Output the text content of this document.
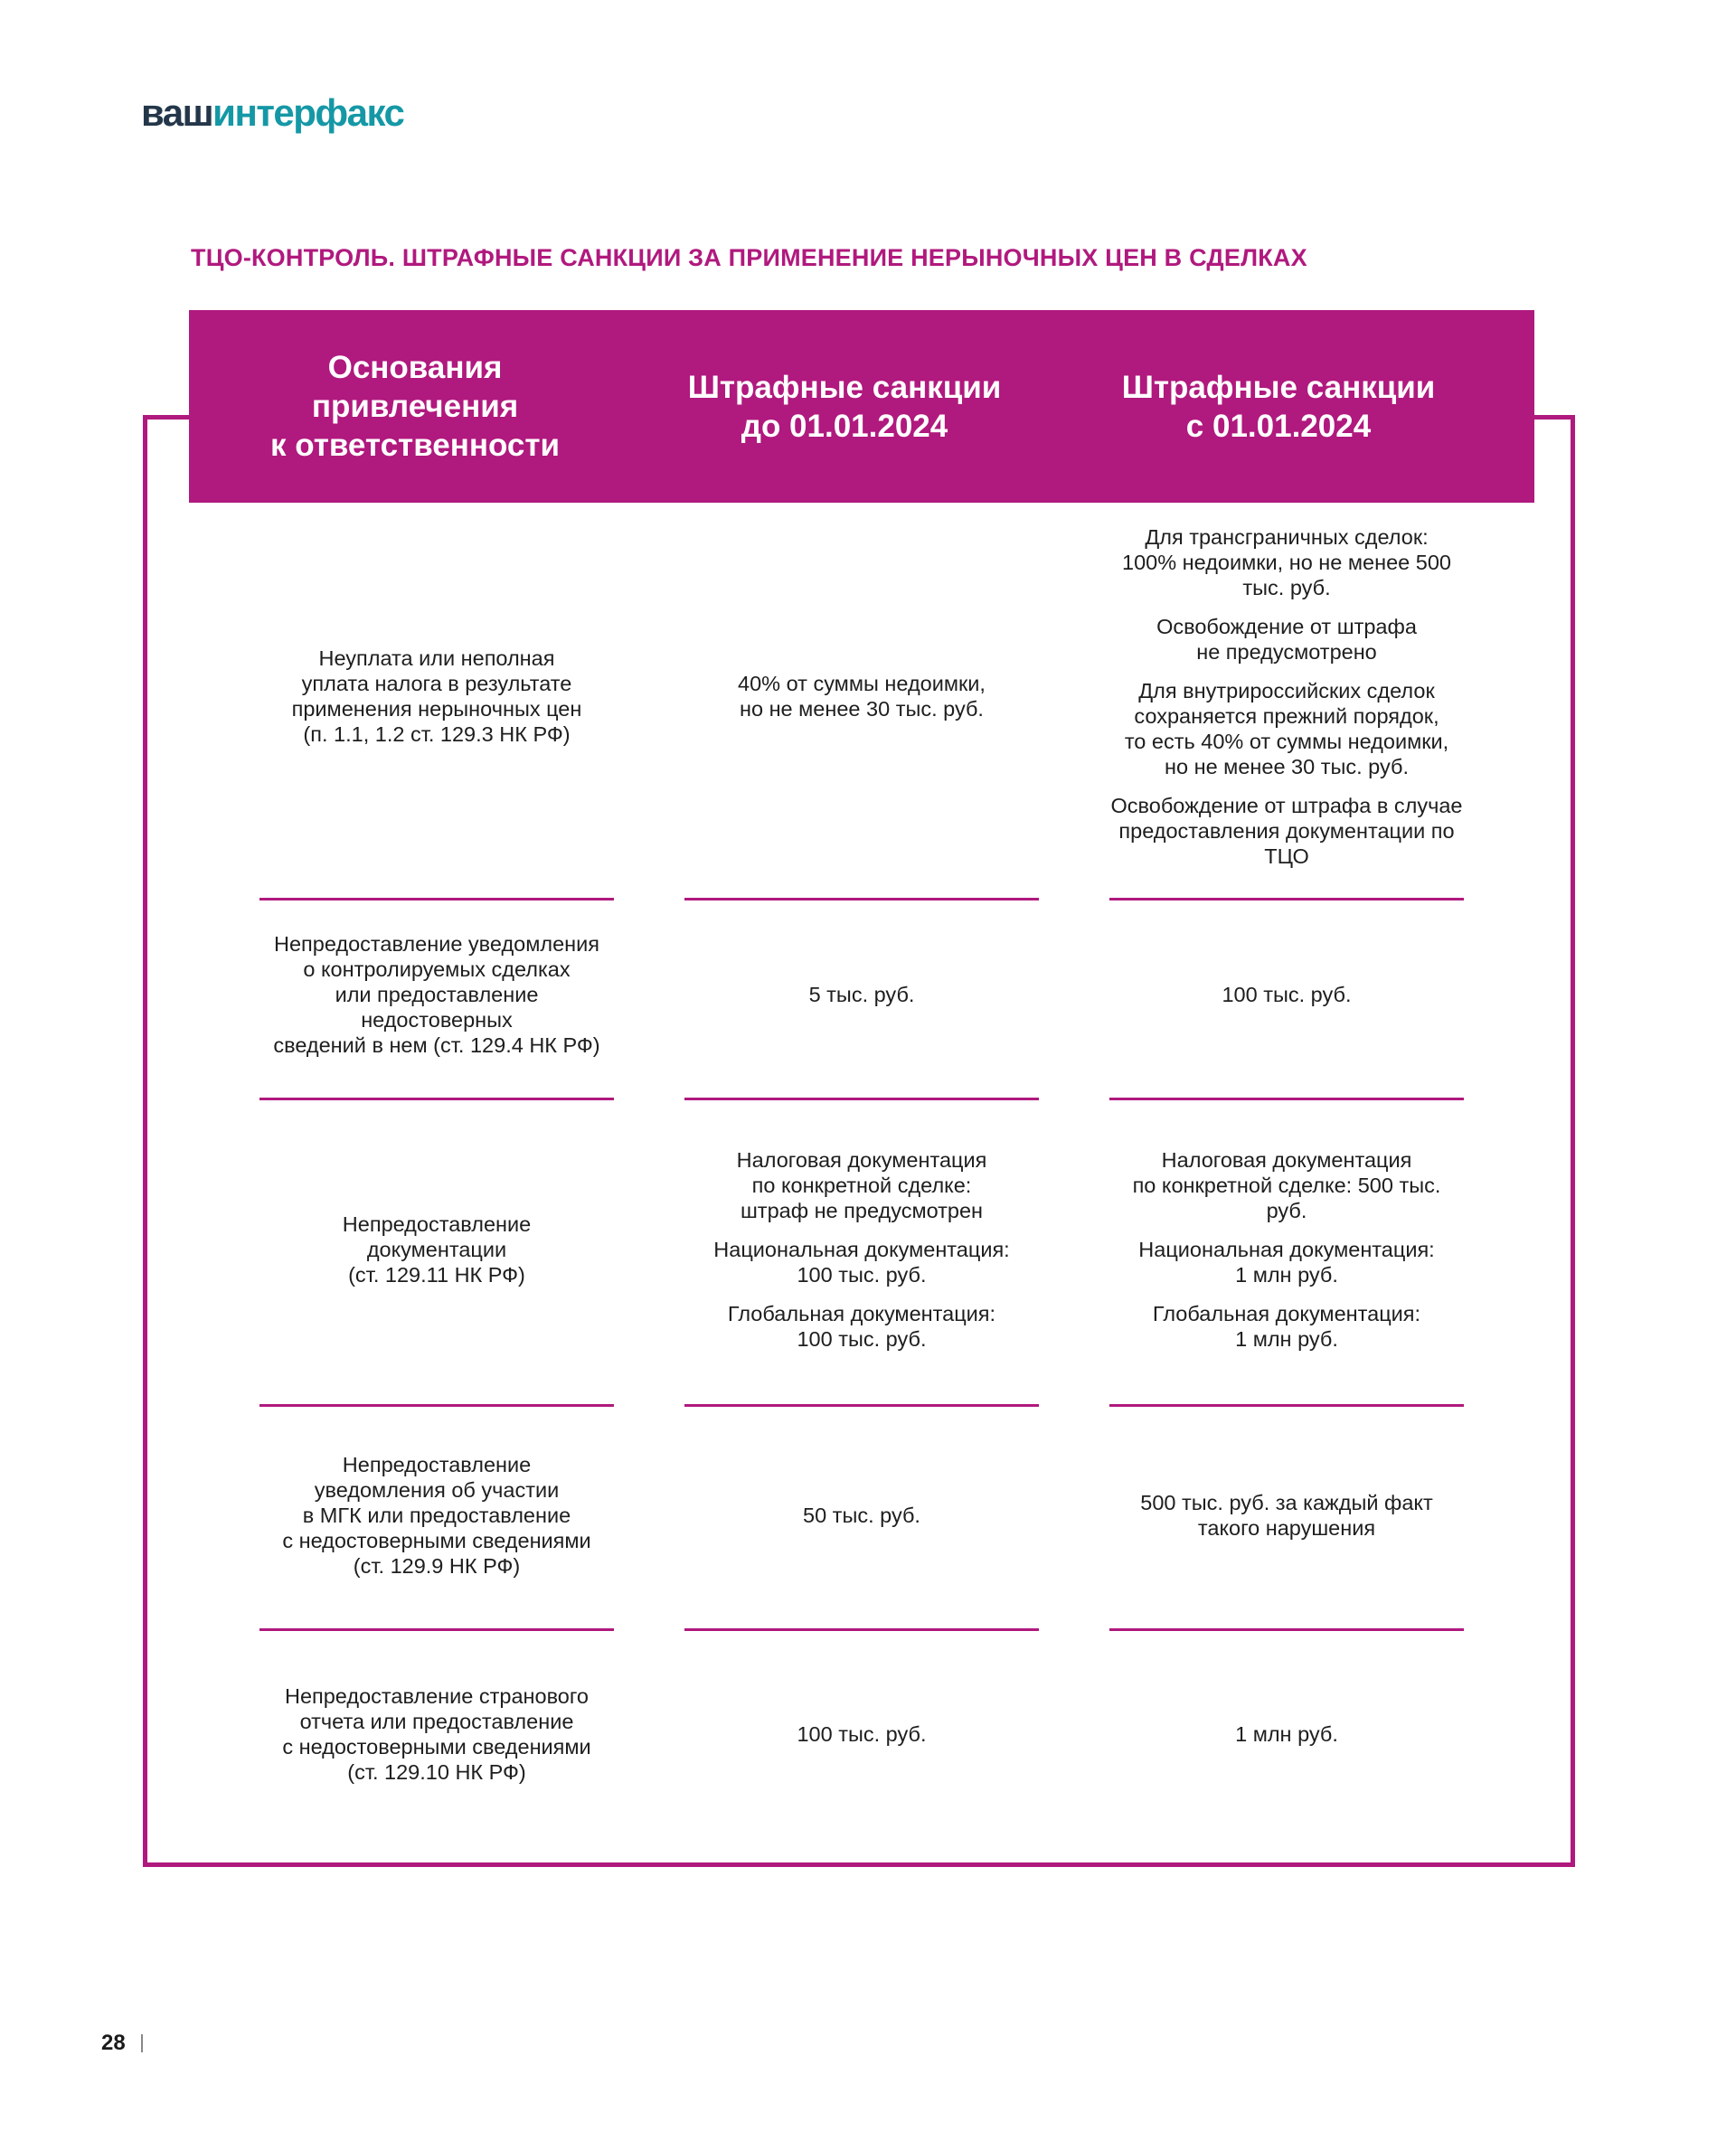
вашинтерфакс
ТЦО-КОНТРОЛЬ. ШТРАФНЫЕ САНКЦИИ ЗА ПРИМЕНЕНИЕ НЕРЫНОЧНЫХ ЦЕН В СДЕЛКАХ
Основания привлечения
к ответственности
Штрафные санкции
до 01.01.2024
Штрафные санкции
с 01.01.2024

Неуплата или неполная
уплата налога в результате
применения нерыночных цен
(п. 1.1, 1.2 ст. 129.3 НК РФ)

40% от суммы недоимки,
но не менее 30 тыс. руб.

Для трансграничных сделок:
100% недоимки, но не менее 500 тыс. руб.

Освобождение от штрафа
не предусмотрено

Для внутрироссийских сделок
сохраняется прежний порядок,
то есть 40% от суммы недоимки,
но не менее 30 тыс. руб.

Освобождение от штрафа в случае
предоставления документации по ТЦО

Непредоставление уведомления
о контролируемых сделках
или предоставление недостоверных
сведений в нем (ст. 129.4 НК РФ)

5 тыс. руб.	100 тыс. руб.

Непредоставление
документации
(ст. 129.11 НК РФ)

Налоговая документация
по конкретной сделке:
штраф не предусмотрен

Национальная документация:
100 тыс. руб.

Глобальная документация:
100 тыс. руб.

Налоговая документация
по конкретной сделке: 500 тыс. руб.

Национальная документация:
1 млн руб.

Глобальная документация:
1 млн руб.

Непредоставление
уведомления об участии
в МГК или предоставление
с недостоверными сведениями
(ст. 129.9 НК РФ)

50 тыс. руб.

500 тыс. руб. за каждый факт
такого нарушения

Непредоставление странового
отчета или предоставление
с недостоверными сведениями
(ст. 129.10 НК РФ)

100 тыс. руб.	1 млн руб.

28
